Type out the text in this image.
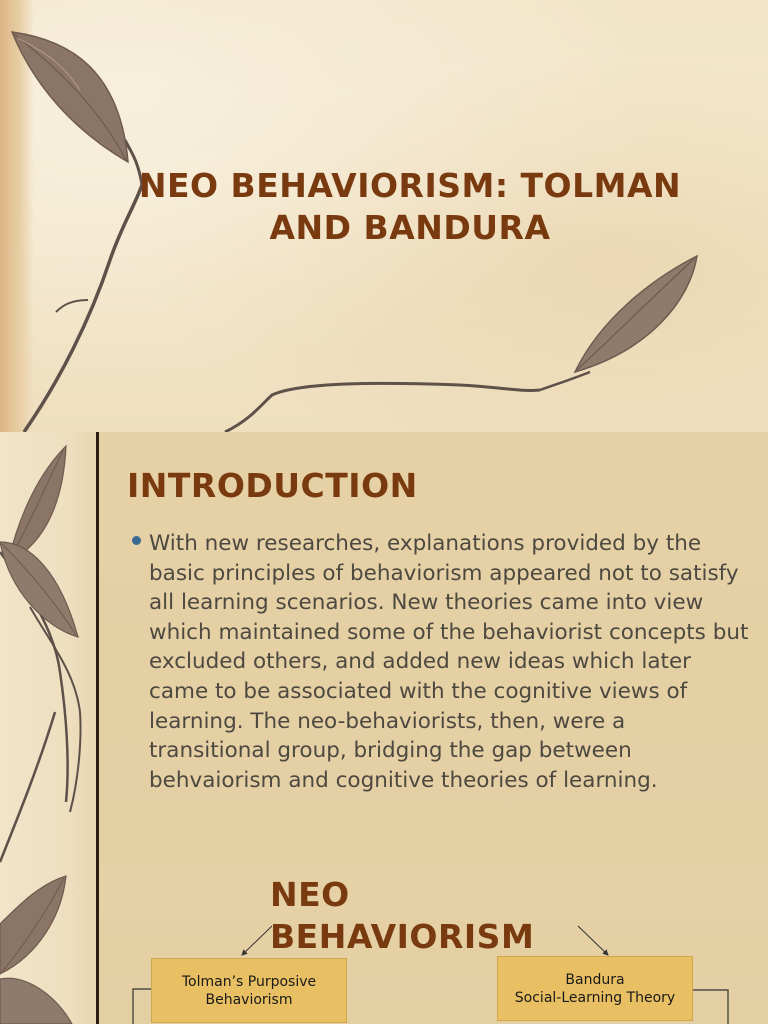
NEO BEHAVIORISM: TOLMAN AND BANDURA
INTRODUCTION
With new researches, explanations provided by the basic principles of behaviorism appeared not to satisfy all learning scenarios. New theories came into view which maintained some of the behaviorist concepts but excluded others, and added new ideas which later came to be associated with the cognitive views of learning. The neo-behaviorists, then, were a transitional group, bridging the gap between behvaiorism and cognitive theories of learning.
NEO
BEHAVIORISM
Tolman’s Purposive
Behaviorism
Bandura
Social-Learning Theory
